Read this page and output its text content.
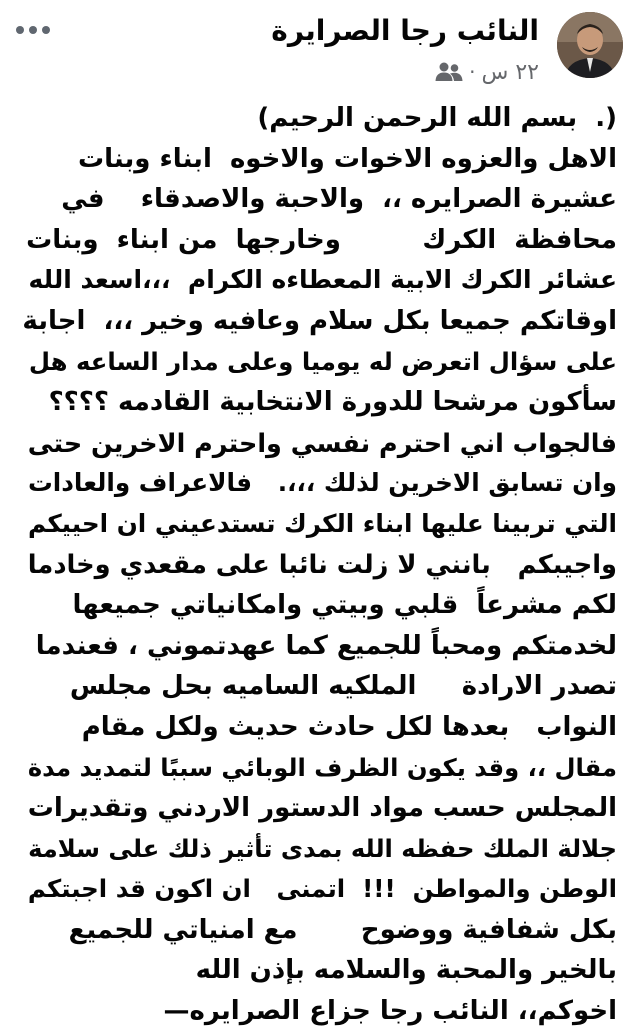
النائب رجا الصرايرة
٢٢ س
·
(.  بسم الله الرحمن الرحيم)
الاهل والعزوه الاخوات والاخوه  ابناء وبنات
عشيرة الصرايره ،،  والاحبة والاصدقاء    في
محافظة  الكرك         وخارجها  من ابناء  وبنات
عشائر الكرك الابية المعطاءه الكرام  ،،،اسعد الله
اوقاتكم جميعا بكل سلام وعافيه وخير ،،،  اجابة
على سؤال اتعرض له يوميا وعلى مدار الساعه هل
سأكون مرشحا للدورة الانتخابية القادمه ؟؟؟؟
فالجواب اني احترم نفسي واحترم الاخرين حتى
وان تسابق الاخرين لذلك ،،،.   فالاعراف والعادات
التي تربينا عليها ابناء الكرك تستدعيني ان احييكم
واجيبكم   بانني لا زلت نائبا على مقعدي وخادما
لكم مشرعاً  قلبي وبيتي وامكانياتي جميعها
لخدمتكم ومحباً للجميع كما عهدتموني ، فعندما
تصدر الارادة     الملكيه الساميه بحل مجلس
النواب   بعدها لكل حادث حديث ولكل مقام
مقال ،، وقد يكون الظرف الوبائي سببًا لتمديد مدة
المجلس حسب مواد الدستور الاردني وتقديرات
جلالة الملك حفظه الله بمدى تأثير ذلك على سلامة
الوطن والمواطن  !!!  اتمنى   ان اكون قد اجبتكم
بكل شفافية ووضوح       مع امنياتي للجميع
بالخير والمحبة والسلامه بإذن الله
اخوكم،، النائب رجا جزاع الصرايره—
